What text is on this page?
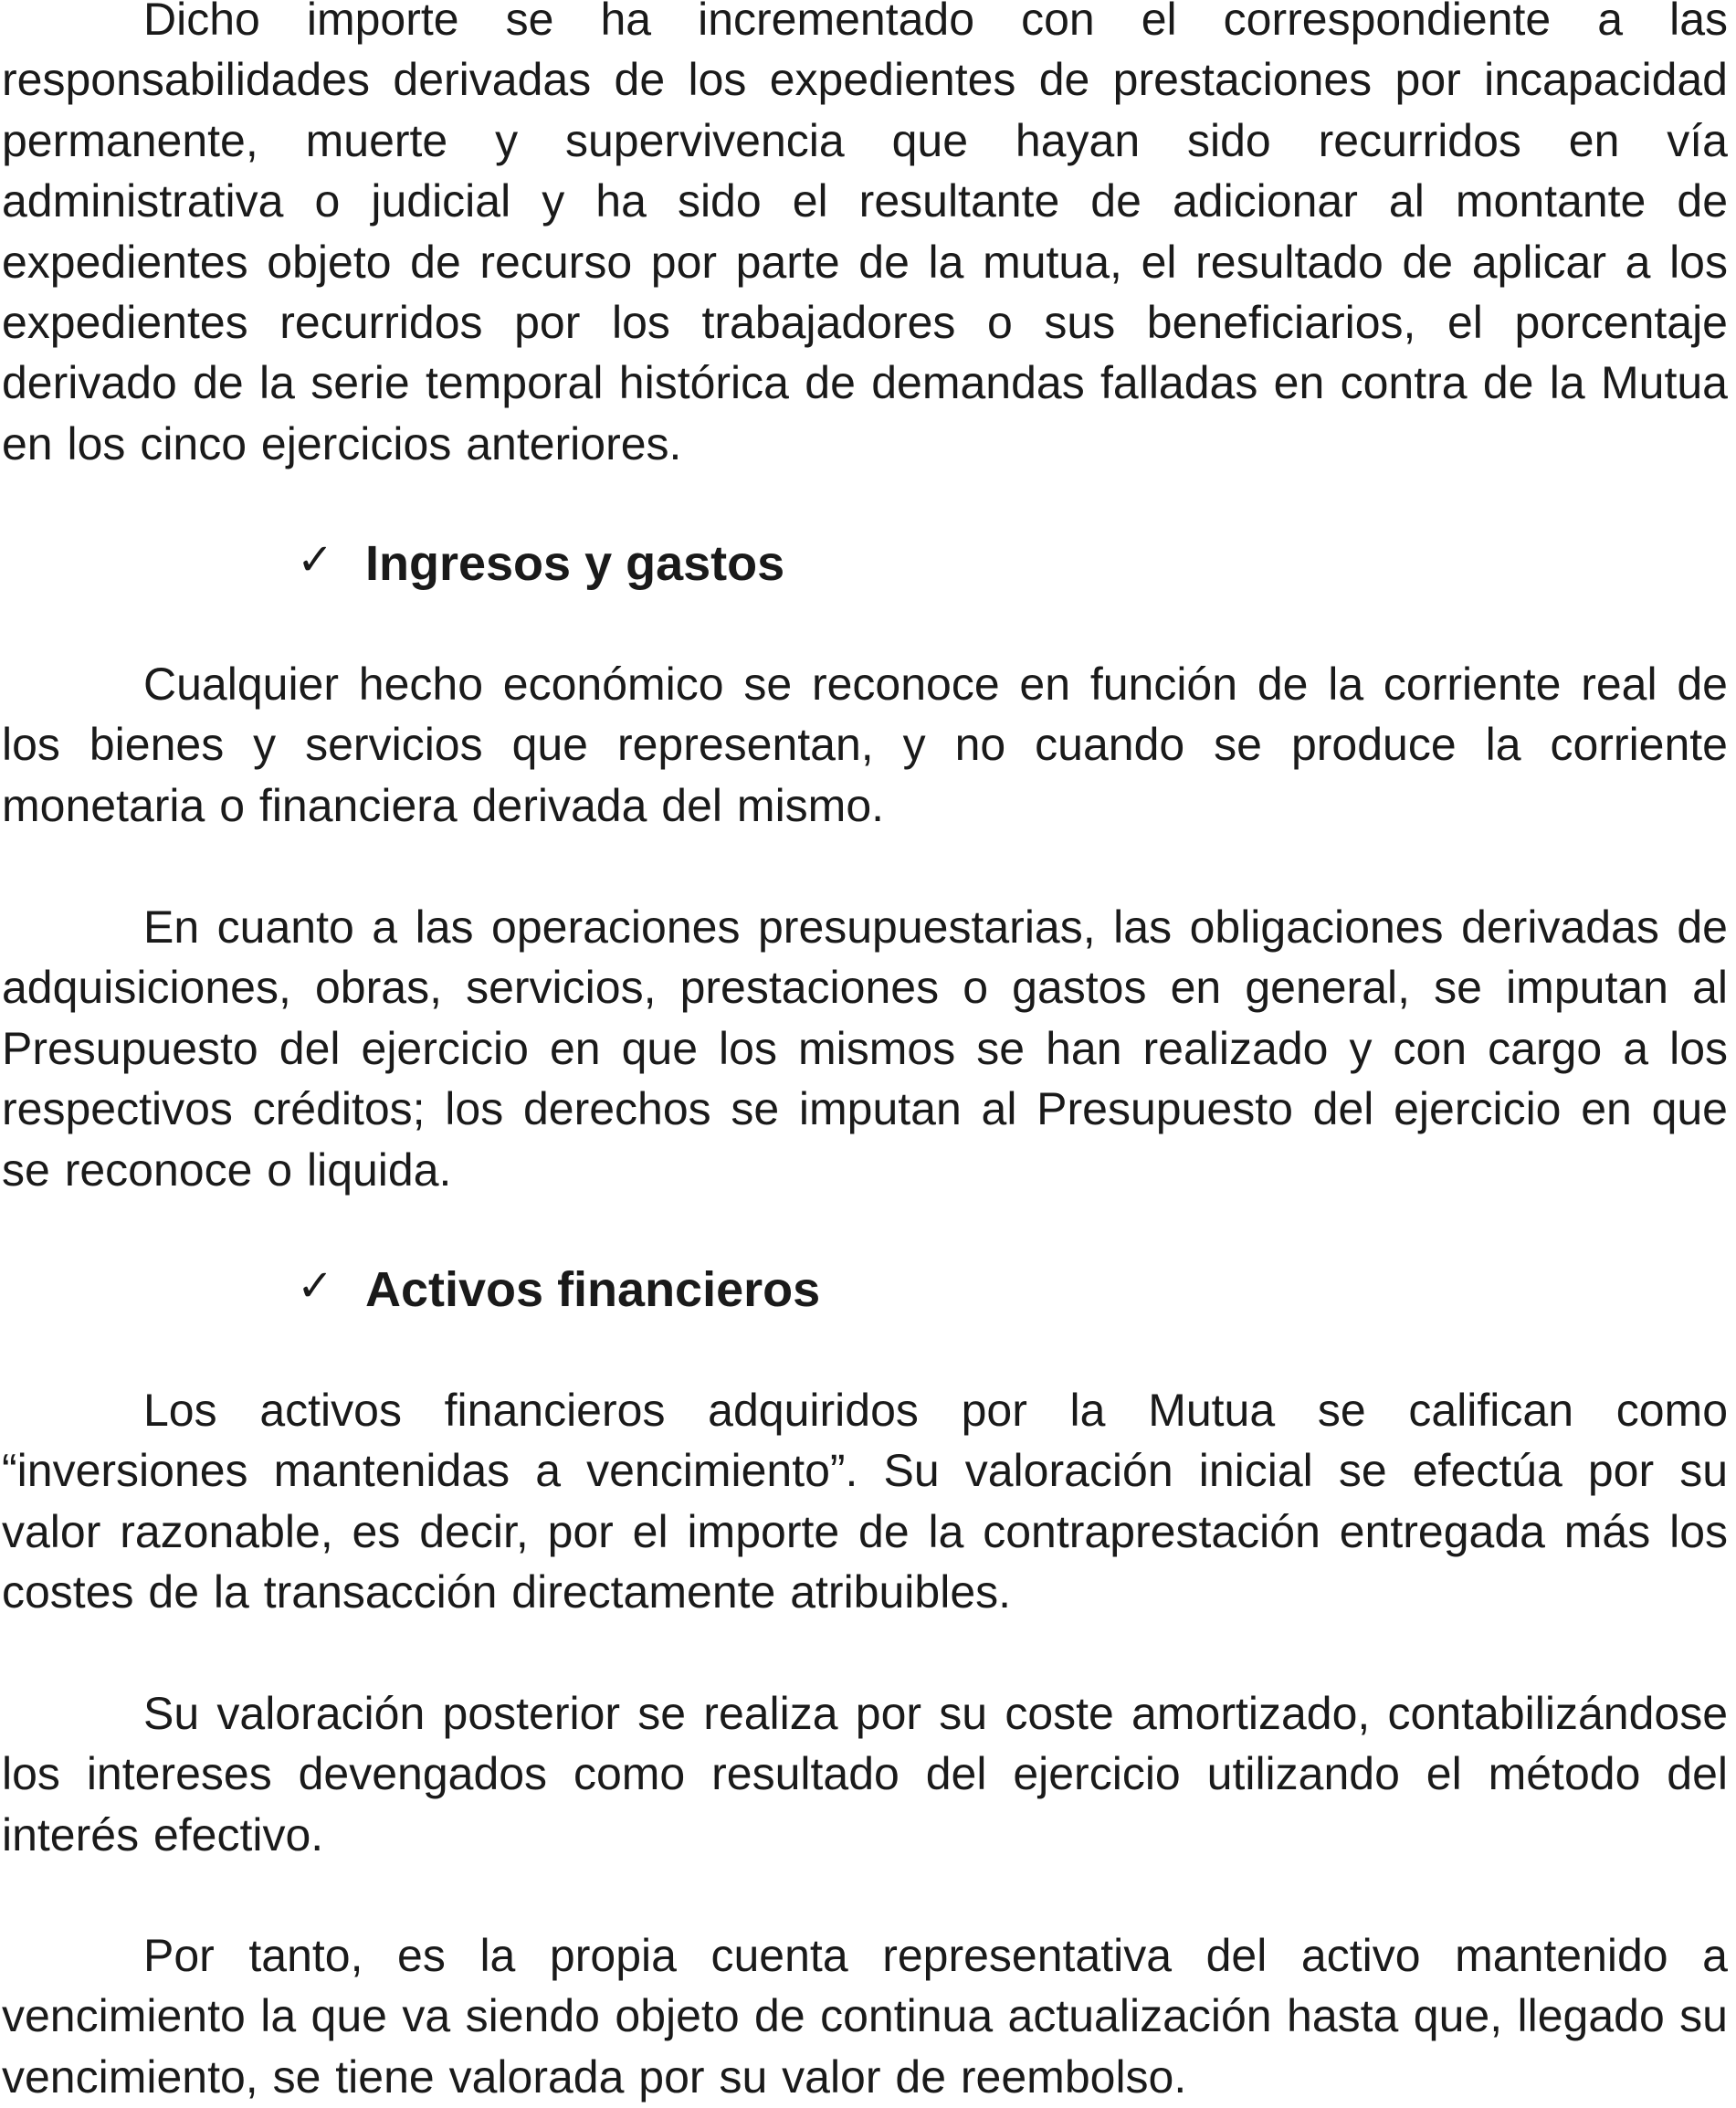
Dicho importe se ha incrementado con el correspondiente a las responsabilidades derivadas de los expedientes de prestaciones por incapacidad permanente, muerte y supervivencia que hayan sido recurridos en vía administrativa o judicial y ha sido el resultante de adicionar al montante de expedientes objeto de recurso por parte de la mutua, el resultado de aplicar a los expedientes recurridos por los trabajadores o sus beneficiarios, el porcentaje derivado de la serie temporal histórica de demandas falladas en contra de la Mutua en los cinco ejercicios anteriores.

✓ Ingresos y gastos

Cualquier hecho económico se reconoce en función de la corriente real de los bienes y servicios que representan, y no cuando se produce la corriente monetaria o financiera derivada del mismo.

En cuanto a las operaciones presupuestarias, las obligaciones derivadas de adquisiciones, obras, servicios, prestaciones o gastos en general, se imputan al Presupuesto del ejercicio en que los mismos se han realizado y con cargo a los respectivos créditos; los derechos se imputan al Presupuesto del ejercicio en que se reconoce o liquida.

✓ Activos financieros

Los activos financieros adquiridos por la Mutua se califican como “inversiones mantenidas a vencimiento”. Su valoración inicial se efectúa por su valor razonable, es decir, por el importe de la contraprestación entregada más los costes de la transacción directamente atribuibles.

Su valoración posterior se realiza por su coste amortizado, contabilizándose los intereses devengados como resultado del ejercicio utilizando el método del interés efectivo.

Por tanto, es la propia cuenta representativa del activo mantenido a vencimiento la que va siendo objeto de continua actualización hasta que, llegado su vencimiento, se tiene valorada por su valor de reembolso.
